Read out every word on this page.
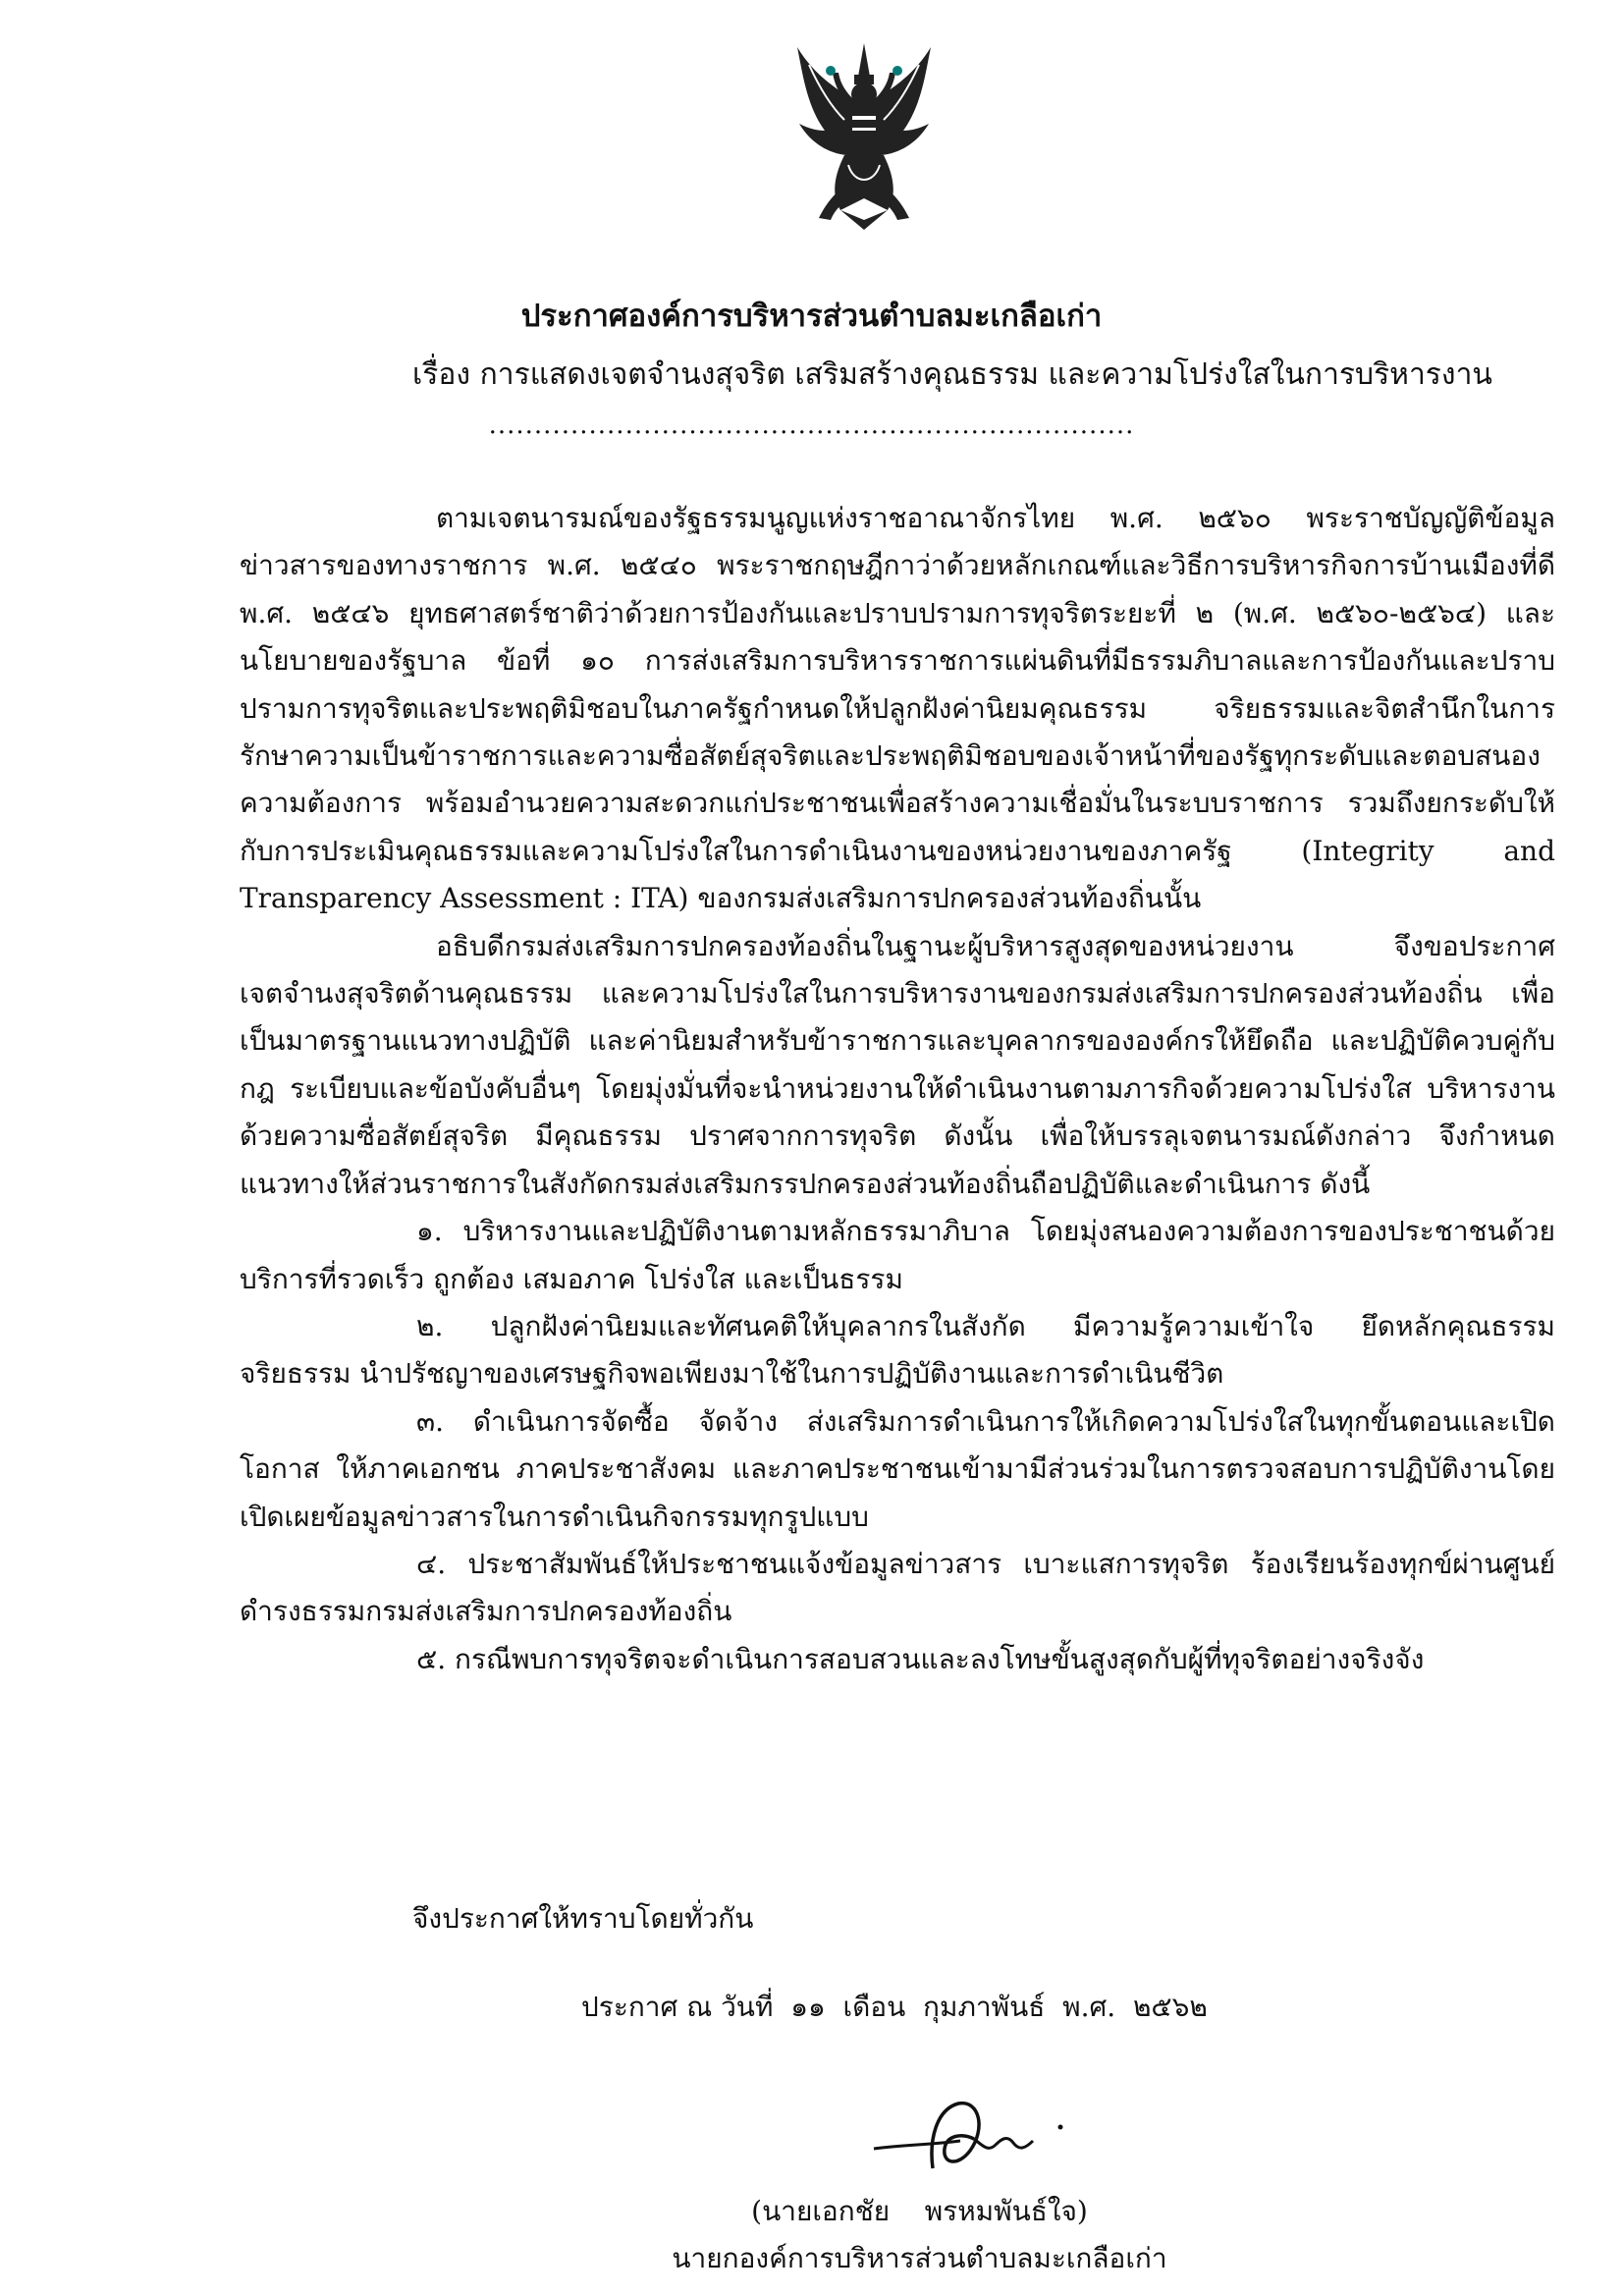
ประกาศองค์การบริหารส่วนตำบลมะเกลือเก่า
เรื่อง การแสดงเจตจำนงสุจริต เสริมสร้างคุณธรรม และความโปร่งใสในการบริหารงาน
.......................................................................

ตามเจตนารมณ์ของรัฐธรรมนูญแห่งราชอาณาจักรไทย พ.ศ. ๒๕๖๐ พระราชบัญญัติข้อมูลข่าวสารของทางราชการ พ.ศ. ๒๕๔๐ พระราชกฤษฎีกาว่าด้วยหลักเกณฑ์และวิธีการบริหารกิจการบ้านเมืองที่ดี พ.ศ. ๒๕๔๖ ยุทธศาสตร์ชาติว่าด้วยการป้องกันและปราบปรามการทุจริตระยะที่ ๒ (พ.ศ. ๒๕๖๐-๒๕๖๔) และนโยบายของรัฐบาล ข้อที่ ๑๐ การส่งเสริมการบริหารราชการแผ่นดินที่มีธรรมภิบาลและการป้องกันและปราบปรามการทุจริตและประพฤติมิชอบในภาครัฐกำหนดให้ปลูกฝังค่านิยมคุณธรรม จริยธรรมและจิตสำนึกในการรักษาความเป็นข้าราชการและความซื่อสัตย์สุจริตและประพฤติมิชอบของเจ้าหน้าที่ของรัฐทุกระดับและตอบสนองความต้องการ พร้อมอำนวยความสะดวกแก่ประชาชนเพื่อสร้างความเชื่อมั่นในระบบราชการ รวมถึงยกระดับให้กับการประเมินคุณธรรมและความโปร่งใสในการดำเนินงานของหน่วยงานของภาครัฐ (Integrity and Transparency Assessment : ITA) ของกรมส่งเสริมการปกครองส่วนท้องถิ่นนั้น

อธิบดีกรมส่งเสริมการปกครองท้องถิ่นในฐานะผู้บริหารสูงสุดของหน่วยงาน จึงขอประกาศเจตจำนงสุจริตด้านคุณธรรม และความโปร่งใสในการบริหารงานของกรมส่งเสริมการปกครองส่วนท้องถิ่น เพื่อเป็นมาตรฐานแนวทางปฏิบัติ และค่านิยมสำหรับข้าราชการและบุคลากรขององค์กรให้ยึดถือ และปฏิบัติควบคู่กับกฎ ระเบียบและข้อบังคับอื่นๆ โดยมุ่งมั่นที่จะนำหน่วยงานให้ดำเนินงานตามภารกิจด้วยความโปร่งใส บริหารงานด้วยความซื่อสัตย์สุจริต มีคุณธรรม ปราศจากการทุจริต ดังนั้น เพื่อให้บรรลุเจตนารมณ์ดังกล่าว จึงกำหนดแนวทางให้ส่วนราชการในสังกัดกรมส่งเสริมกรรปกครองส่วนท้องถิ่นถือปฏิบัติและดำเนินการ ดังนี้

๑. บริหารงานและปฏิบัติงานตามหลักธรรมาภิบาล โดยมุ่งสนองความต้องการของประชาชนด้วยบริการที่รวดเร็ว ถูกต้อง เสมอภาค โปร่งใส และเป็นธรรม

๒. ปลูกฝังค่านิยมและทัศนคติให้บุคลากรในสังกัด มีความรู้ความเข้าใจ ยึดหลักคุณธรรม จริยธรรม นำปรัชญาของเศรษฐกิจพอเพียงมาใช้ในการปฏิบัติงานและการดำเนินชีวิต

๓. ดำเนินการจัดซื้อ จัดจ้าง ส่งเสริมการดำเนินการให้เกิดความโปร่งใสในทุกขั้นตอนและเปิดโอกาส ให้ภาคเอกชน ภาคประชาสังคม และภาคประชาชนเข้ามามีส่วนร่วมในการตรวจสอบการปฏิบัติงานโดยเปิดเผยข้อมูลข่าวสารในการดำเนินกิจกรรมทุกรูปแบบ

๔. ประชาสัมพันธ์ให้ประชาชนแจ้งข้อมูลข่าวสาร เบาะแสการทุจริต ร้องเรียนร้องทุกข์ผ่านศูนย์ดำรงธรรมกรมส่งเสริมการปกครองท้องถิ่น

๕. กรณีพบการทุจริตจะดำเนินการสอบสวนและลงโทษขั้นสูงสุดกับผู้ที่ทุจริตอย่างจริงจัง

จึงประกาศให้ทราบโดยทั่วกัน
ประกาศ ณ วันที่  ๑๑  เดือน  กุมภาพันธ์  พ.ศ.  ๒๕๖๒
(นายเอกชัย    พรหมพันธ์ใจ)
นายกองค์การบริหารส่วนตำบลมะเกลือเก่า
